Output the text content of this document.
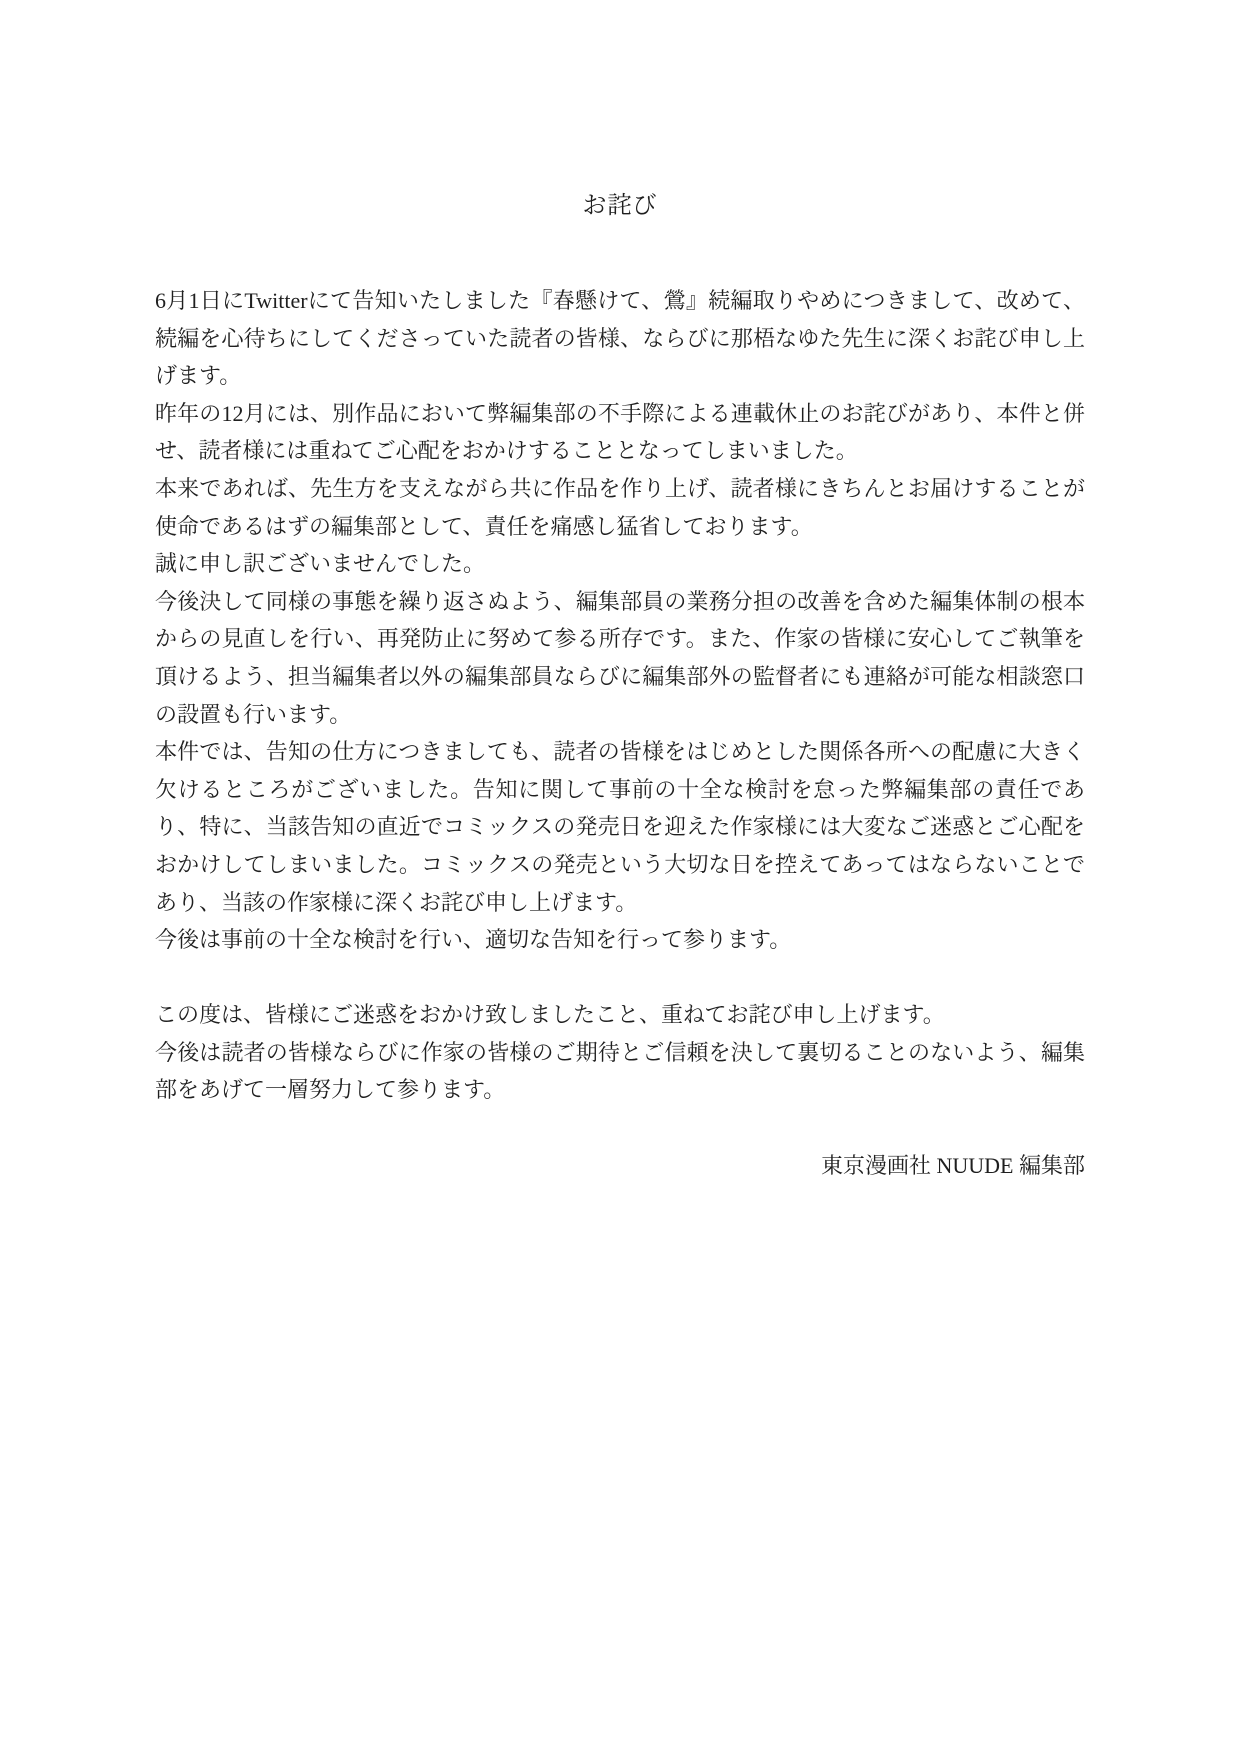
お詫び

6月1日にTwitterにて告知いたしました『春懸けて、鶯』続編取りやめにつきまして、改めて、続編を心待ちにしてくださっていた読者の皆様、ならびに那梧なゆた先生に深くお詫び申し上げます。

昨年の12月には、別作品において弊編集部の不手際による連載休止のお詫びがあり、本件と併せ、読者様には重ねてご心配をおかけすることとなってしまいました。

本来であれば、先生方を支えながら共に作品を作り上げ、読者様にきちんとお届けすることが使命であるはずの編集部として、責任を痛感し猛省しております。

誠に申し訳ございませんでした。

今後決して同様の事態を繰り返さぬよう、編集部員の業務分担の改善を含めた編集体制の根本からの見直しを行い、再発防止に努めて参る所存です。また、作家の皆様に安心してご執筆を頂けるよう、担当編集者以外の編集部員ならびに編集部外の監督者にも連絡が可能な相談窓口の設置も行います。

本件では、告知の仕方につきましても、読者の皆様をはじめとした関係各所への配慮に大きく欠けるところがございました。告知に関して事前の十全な検討を怠った弊編集部の責任であり、特に、当該告知の直近でコミックスの発売日を迎えた作家様には大変なご迷惑とご心配をおかけしてしまいました。コミックスの発売という大切な日を控えてあってはならないことであり、当該の作家様に深くお詫び申し上げます。

今後は事前の十全な検討を行い、適切な告知を行って参ります。

この度は、皆様にご迷惑をおかけ致しましたこと、重ねてお詫び申し上げます。

今後は読者の皆様ならびに作家の皆様のご期待とご信頼を決して裏切ることのないよう、編集部をあげて一層努力して参ります。

東京漫画社 NUUDE 編集部
